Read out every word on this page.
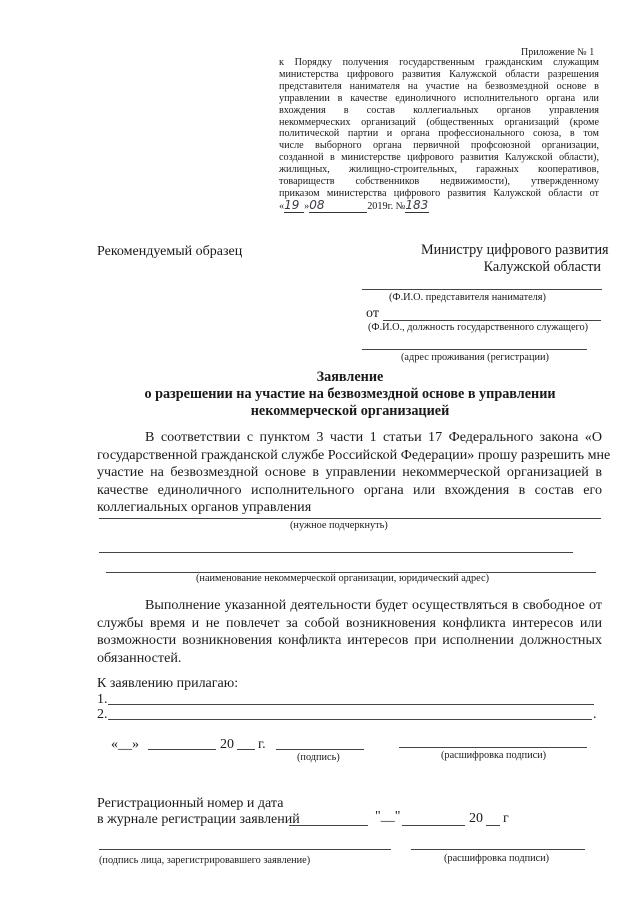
Приложение № 1
к Порядку получения государственным гражданским служащим
министерства цифрового развития Калужской области разрешения
представителя нанимателя на участие на безвозмездной основе в
управлении в качестве единоличного исполнительного органа или
вхождения в состав коллегиальных органов управления
некоммерческих организаций (общественных организаций (кроме
политической партии и органа профессионального союза, в том
числе выборного органа первичной профсоюзной организации,
созданной в министерстве цифрового развития Калужской области),
жилищных, жилищно-строительных, гаражных кооперативов,
товариществ собственников недвижимости), утвержденному
приказом министерства цифрового развития Калужской области от
«19 »08	2019г. №183
Рекомендуемый образец	Министру цифрового развития
Калужской области
(Ф.И.О. представителя нанимателя)
от
(Ф.И.О., должность государственного служащего)
(адрес проживания (регистрации)
Заявление
о разрешении на участие на безвозмездной основе в управлении
некоммерческой организацией
В соответствии с пунктом 3 части 1 статьи 17 Федерального закона «О
государственной гражданской службе Российской Федерации» прошу разрешить мне
участие на безвозмездной основе в управлении некоммерческой организацией в
качестве единоличного исполнительного органа или вхождения в состав его
коллегиальных органов управления
(нужное подчеркнуть)
(наименование некоммерческой организации, юридический адрес)
Выполнение указанной деятельности будет осуществляться в свободное от
службы время и не повлечет за собой возникновения конфликта интересов или
возможности возникновения конфликта интересов при исполнении должностных
обязанностей.
К заявлению прилагаю:
1.
2.	.
«__»	20 г.
(подпись)	(расшифровка подписи)
Регистрационный номер и дата
в журнале регистрации заявлений	"__"	20 г
(подпись лица, зарегистрировавшего заявление)	(расшифровка подписи)
